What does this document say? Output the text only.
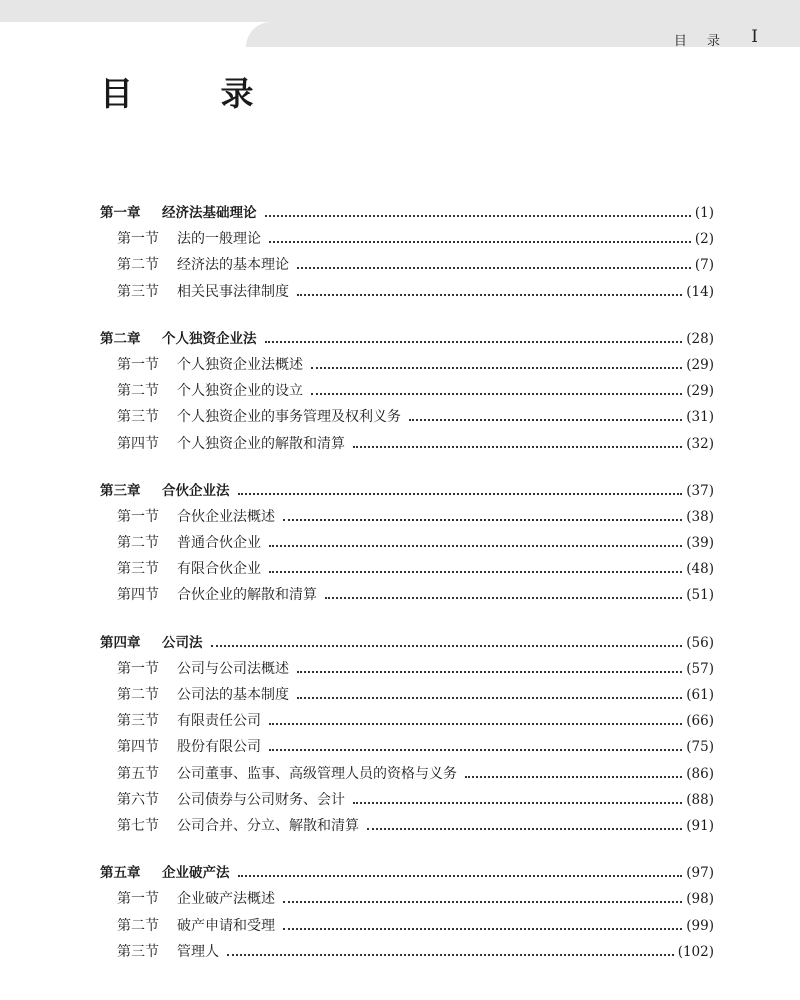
目 录 I
目 录
第一章	经济法基础理论	(1)
第一节	法的一般理论	(2)
第二节	经济法的基本理论	(7)
第三节	相关民事法律制度	(14)
第二章	个人独资企业法	(28)
第一节	个人独资企业法概述	(29)
第二节	个人独资企业的设立	(29)
第三节	个人独资企业的事务管理及权利义务	(31)
第四节	个人独资企业的解散和清算	(32)
第三章	合伙企业法	(37)
第一节	合伙企业法概述	(38)
第二节	普通合伙企业	(39)
第三节	有限合伙企业	(48)
第四节	合伙企业的解散和清算	(51)
第四章	公司法	(56)
第一节	公司与公司法概述	(57)
第二节	公司法的基本制度	(61)
第三节	有限责任公司	(66)
第四节	股份有限公司	(75)
第五节	公司董事、监事、高级管理人员的资格与义务	(86)
第六节	公司债券与公司财务、会计	(88)
第七节	公司合并、分立、解散和清算	(91)
第五章	企业破产法	(97)
第一节	企业破产法概述	(98)
第二节	破产申请和受理	(99)
第三节	管理人	(102)
